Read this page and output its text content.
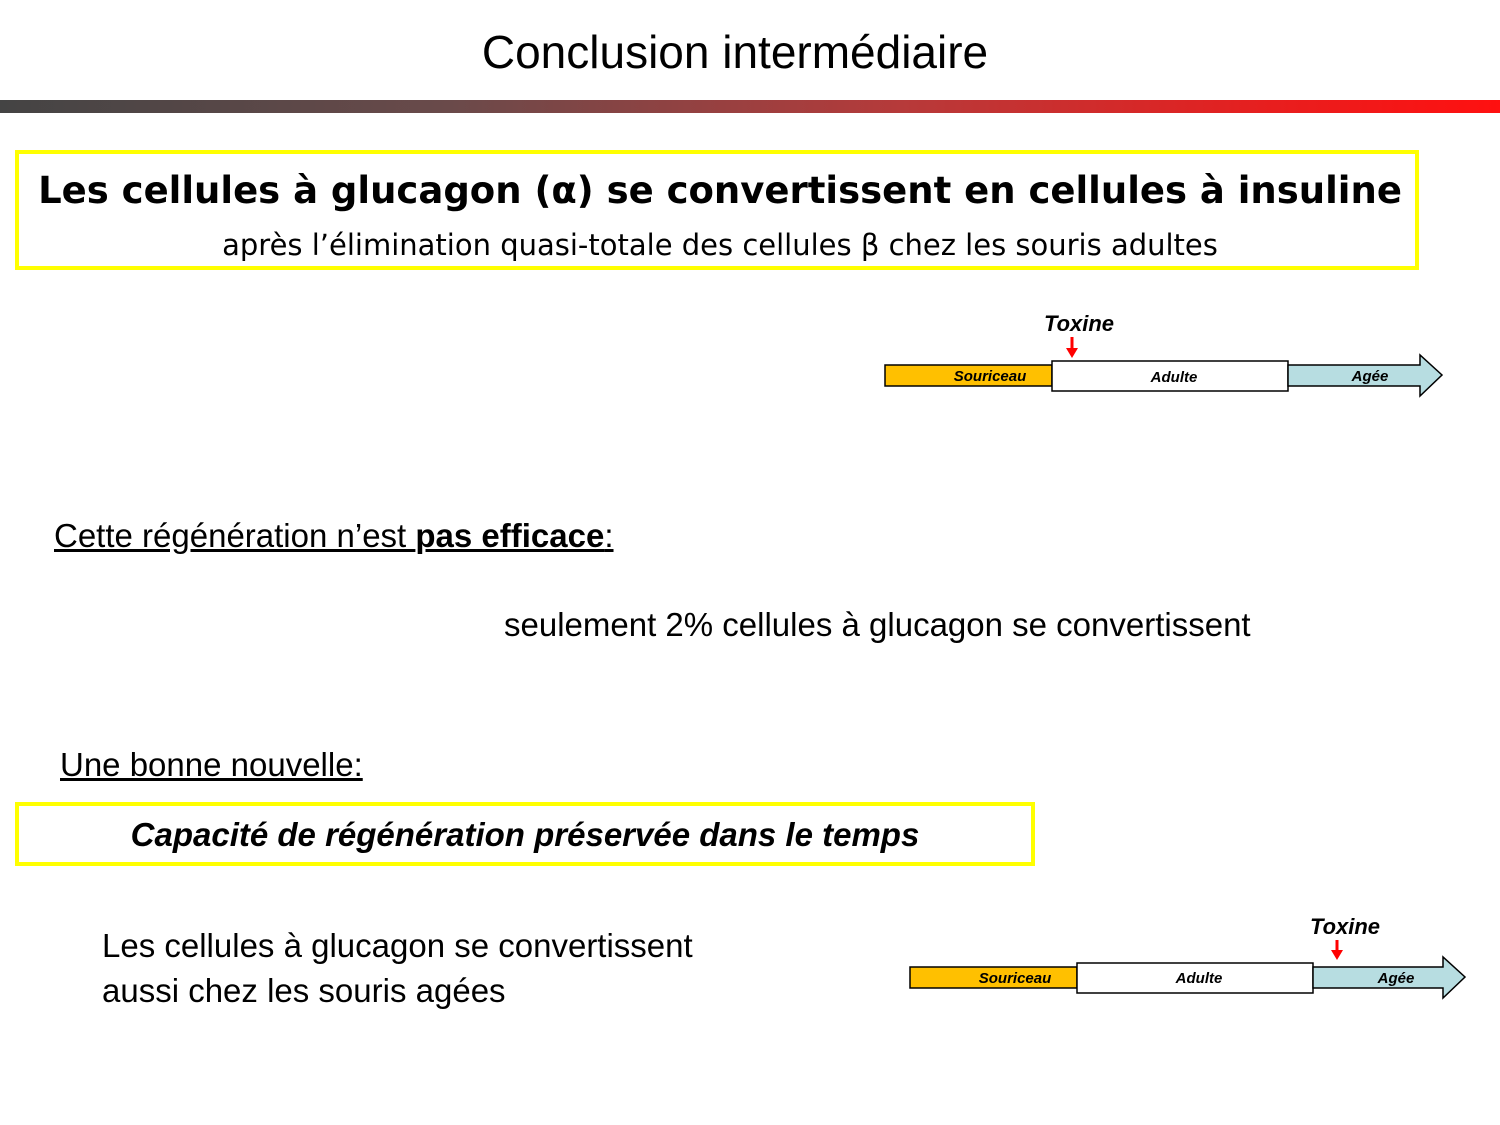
Conclusion intermédiaire
Les cellules à glucagon (α) se convertissent en cellules à insuline
après l’élimination quasi-totale des cellules β chez les souris adultes
Toxine
Souriceau	Adulte	Agée
Cette régénération n’est pas efficace:
seulement 2% cellules à glucagon se convertissent
Une bonne nouvelle:
Capacité de régénération préservée dans le temps
Les cellules à glucagon se convertissent
aussi chez les souris agées
Toxine
Souriceau	Adulte	Agée
